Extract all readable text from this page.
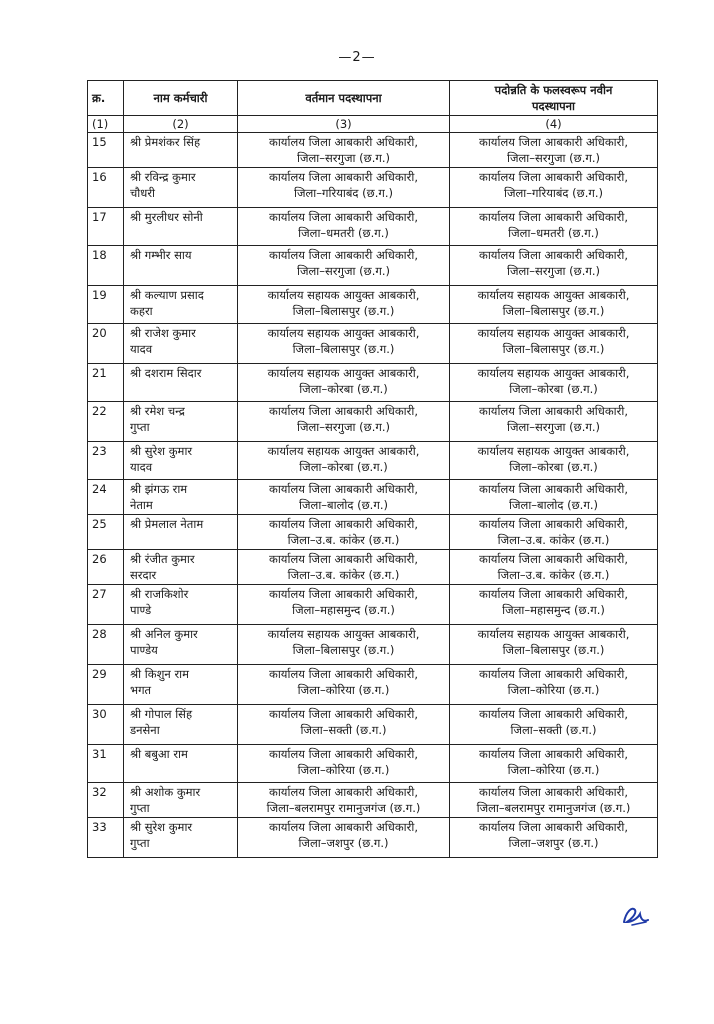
—2—
क्र.	नाम कर्मचारी	वर्तमान पदस्थापना	पदोन्नति के फलस्वरूप नवीन
पदस्थापना

(1)	(2)	(3)	(4)
15	श्री प्रेमशंकर सिंह	कार्यालय जिला आबकारी अधिकारी,
जिला–सरगुजा (छ.ग.)	कार्यालय जिला आबकारी अधिकारी,
जिला–सरगुजा (छ.ग.)

16	श्री रविन्द्र कुमार
चौधरी	कार्यालय जिला आबकारी अधिकारी,
जिला–गरियाबंद (छ.ग.)	कार्यालय जिला आबकारी अधिकारी,
जिला–गरियाबंद (छ.ग.)

17	श्री मुरलीधर सोनी	कार्यालय जिला आबकारी अधिकारी,
जिला–धमतरी (छ.ग.)	कार्यालय जिला आबकारी अधिकारी,
जिला–धमतरी (छ.ग.)

18	श्री गम्भीर साय	कार्यालय जिला आबकारी अधिकारी,
जिला–सरगुजा (छ.ग.)	कार्यालय जिला आबकारी अधिकारी,
जिला–सरगुजा (छ.ग.)

19	श्री कल्याण प्रसाद
कहरा	कार्यालय सहायक आयुक्त आबकारी,
जिला–बिलासपुर (छ.ग.)	कार्यालय सहायक आयुक्त आबकारी,
जिला–बिलासपुर (छ.ग.)

20	श्री राजेश कुमार
यादव	कार्यालय सहायक आयुक्त आबकारी,
जिला–बिलासपुर (छ.ग.)	कार्यालय सहायक आयुक्त आबकारी,
जिला–बिलासपुर (छ.ग.)

21	श्री दशराम सिदार	कार्यालय सहायक आयुक्त आबकारी,
जिला–कोरबा (छ.ग.)	कार्यालय सहायक आयुक्त आबकारी,
जिला–कोरबा (छ.ग.)

22	श्री रमेश चन्द्र
गुप्ता	कार्यालय जिला आबकारी अधिकारी,
जिला–सरगुजा (छ.ग.)	कार्यालय जिला आबकारी अधिकारी,
जिला–सरगुजा (छ.ग.)

23	श्री सुरेश कुमार
यादव	कार्यालय सहायक आयुक्त आबकारी,
जिला–कोरबा (छ.ग.)	कार्यालय सहायक आयुक्त आबकारी,
जिला–कोरबा (छ.ग.)

24	श्री झंगऊ राम
नेताम	कार्यालय जिला आबकारी अधिकारी,
जिला–बालोद (छ.ग.)	कार्यालय जिला आबकारी अधिकारी,
जिला–बालोद (छ.ग.)

25	श्री प्रेमलाल नेताम	कार्यालय जिला आबकारी अधिकारी,
जिला–उ.ब. कांकेर (छ.ग.)	कार्यालय जिला आबकारी अधिकारी,
जिला–उ.ब. कांकेर (छ.ग.)

26	श्री रंजीत कुमार
सरदार	कार्यालय जिला आबकारी अधिकारी,
जिला–उ.ब. कांकेर (छ.ग.)	कार्यालय जिला आबकारी अधिकारी,
जिला–उ.ब. कांकेर (छ.ग.)

27	श्री राजकिशोर
पाण्डे	कार्यालय जिला आबकारी अधिकारी,
जिला–महासमुन्द (छ.ग.)	कार्यालय जिला आबकारी अधिकारी,
जिला–महासमुन्द (छ.ग.)

28	श्री अनिल कुमार
पाण्डेय	कार्यालय सहायक आयुक्त आबकारी,
जिला–बिलासपुर (छ.ग.)	कार्यालय सहायक आयुक्त आबकारी,
जिला–बिलासपुर (छ.ग.)

29	श्री किशुन राम
भगत	कार्यालय जिला आबकारी अधिकारी,
जिला–कोरिया (छ.ग.)	कार्यालय जिला आबकारी अधिकारी,
जिला–कोरिया (छ.ग.)

30	श्री गोपाल सिंह
डनसेना	कार्यालय जिला आबकारी अधिकारी,
जिला–सक्ती (छ.ग.)	कार्यालय जिला आबकारी अधिकारी,
जिला–सक्ती (छ.ग.)

31	श्री बबुआ राम	कार्यालय जिला आबकारी अधिकारी,
जिला–कोरिया (छ.ग.)	कार्यालय जिला आबकारी अधिकारी,
जिला–कोरिया (छ.ग.)

32	श्री अशोक कुमार
गुप्ता	कार्यालय जिला आबकारी अधिकारी,
जिला–बलरामपुर रामानुजगंज (छ.ग.)	कार्यालय जिला आबकारी अधिकारी,
जिला–बलरामपुर रामानुजगंज (छ.ग.)

33	श्री सुरेश कुमार
गुप्ता	कार्यालय जिला आबकारी अधिकारी,
जिला–जशपुर (छ.ग.)	कार्यालय जिला आबकारी अधिकारी,
जिला–जशपुर (छ.ग.)
